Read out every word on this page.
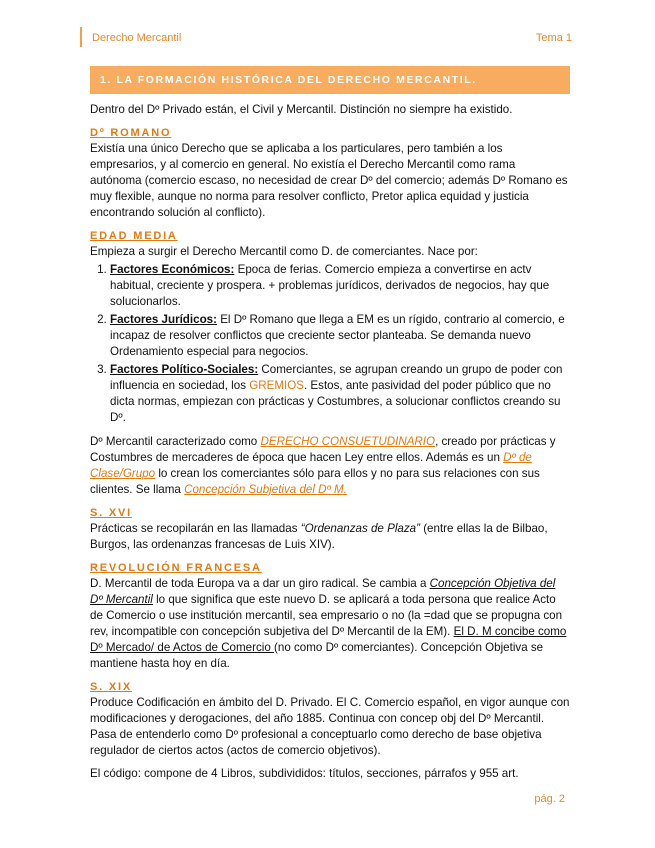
Derecho Mercantil	Tema 1
1. LA FORMACIÓN HISTÓRICA DEL DERECHO MERCANTIL.

Dentro del Dº Privado están, el Civil y Mercantil. Distinción no siempre ha existido.

Dº ROMANO

Existía una único Derecho que se aplicaba a los particulares, pero también a los empresarios, y al comercio en general. No existía el Derecho Mercantil como rama autónoma (comercio escaso, no necesidad de crear Dº del comercio; además Dº Romano es muy flexible, aunque no norma para resolver conflicto, Pretor aplica equidad y justicia encontrando solución al conflicto).

EDAD MEDIA
Empieza a surgir el Derecho Mercantil como D. de comerciantes. Nace por:
1. Factores Económicos: Epoca de ferias. Comercio empieza a convertirse en actv habitual, creciente y prospera. + problemas jurídicos, derivados de negocios, hay que solucionarlos.
2. Factores Jurídicos: El Dº Romano que llega a EM es un rígido, contrario al comercio, e incapaz de resolver conflictos que creciente sector planteaba. Se demanda nuevo Ordenamiento especial para negocios.
3. Factores Político-Sociales: Comerciantes, se agrupan creando un grupo de poder con influencia en sociedad, los GREMIOS. Estos, ante pasividad del poder público que no dicta normas, empiezan con prácticas y Costumbres, a solucionar conflictos creando su Dº.

Dº Mercantil caracterizado como DERECHO CONSUETUDINARIO, creado por prácticas y Costumbres de mercaderes de época que hacen Ley entre ellos. Además es un Dº de Clase/Grupo lo crean los comerciantes sólo para ellos y no para sus relaciones con sus clientes. Se llama Concepción Subjetiva del Dº M.

S. XVI

Prácticas se recopilarán en las llamadas “Ordenanzas de Plaza” (entre ellas la de Bilbao, Burgos, las ordenanzas francesas de Luis XIV).

REVOLUCIÓN FRANCESA

D. Mercantil de toda Europa va a dar un giro radical. Se cambia a Concepción Objetiva del Dº Mercantil lo que significa que este nuevo D. se aplicará a toda persona que realice Acto de Comercio o use institución mercantil, sea empresario o no (la =dad que se propugna con rev, incompatible con concepción subjetiva del Dº Mercantil de la EM). El D. M concibe como Dº Mercado/ de Actos de Comercio (no como Dº comerciantes). Concepción Objetiva se mantiene hasta hoy en día.

S. XIX

Produce Codificación en ámbito del D. Privado. El C. Comercio español, en vigor aunque con modificaciones y derogaciones, del año 1885. Continua con concep obj del Dº Mercantil. Pasa de entenderlo como Dº profesional a conceptuarlo como derecho de base objetiva regulador de ciertos actos (actos de comercio objetivos).

El código: compone de 4 Libros, subdivididos: títulos, secciones, párrafos y 955 art.

pág. 2
